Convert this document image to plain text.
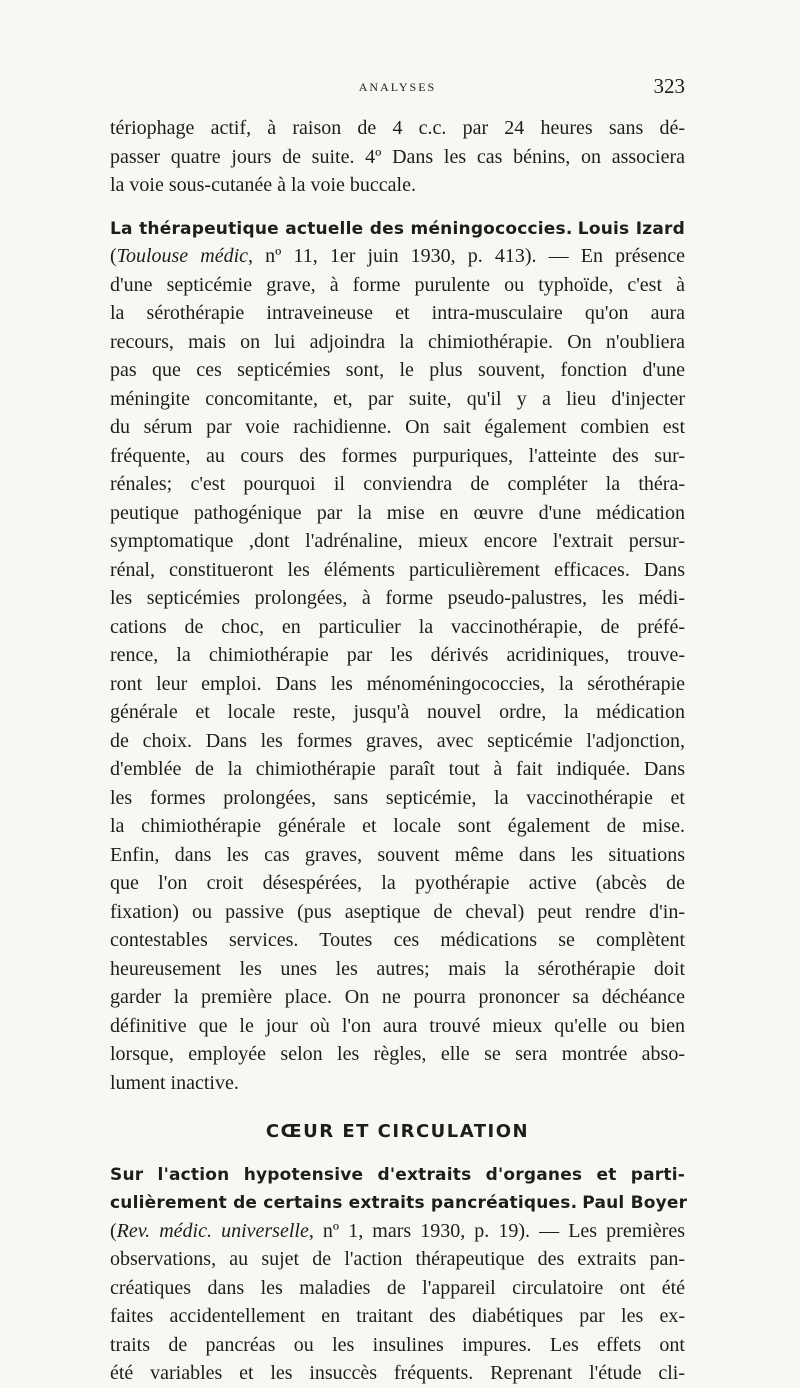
ANALYSES	323
tériophage actif, à raison de 4 c.c. par 24 heures sans dé-
passer quatre jours de suite. 4º Dans les cas bénins, on associera
la voie sous-cutanée à la voie buccale.
La thérapeutique actuelle des méningococcies. Louis Izard
(Toulouse médic, nº 11, 1er juin 1930, p. 413). — En présence
d'une septicémie grave, à forme purulente ou typhoïde, c'est à
la sérothérapie intraveineuse et intra-musculaire qu'on aura
recours, mais on lui adjoindra la chimiothérapie. On n'oubliera
pas que ces septicémies sont, le plus souvent, fonction d'une
méningite concomitante, et, par suite, qu'il y a lieu d'injecter
du sérum par voie rachidienne. On sait également combien est
fréquente, au cours des formes purpuriques, l'atteinte des sur-
rénales; c'est pourquoi il conviendra de compléter la théra-
peutique pathogénique par la mise en œuvre d'une médication
symptomatique ,dont l'adrénaline, mieux encore l'extrait persur-
rénal, constitueront les éléments particulièrement efficaces. Dans
les septicémies prolongées, à forme pseudo-palustres, les médi-
cations de choc, en particulier la vaccinothérapie, de préfé-
rence, la chimiothérapie par les dérivés acridiniques, trouve-
ront leur emploi. Dans les ménoméningococcies, la sérothérapie
générale et locale reste, jusqu'à nouvel ordre, la médication
de choix. Dans les formes graves, avec septicémie l'adjonction,
d'emblée de la chimiothérapie paraît tout à fait indiquée. Dans
les formes prolongées, sans septicémie, la vaccinothérapie et
la chimiothérapie générale et locale sont également de mise.
Enfin, dans les cas graves, souvent même dans les situations
que l'on croit désespérées, la pyothérapie active (abcès de
fixation) ou passive (pus aseptique de cheval) peut rendre d'in-
contestables services. Toutes ces médications se complètent
heureusement les unes les autres; mais la sérothérapie doit
garder la première place. On ne pourra prononcer sa déchéance
définitive que le jour où l'on aura trouvé mieux qu'elle ou bien
lorsque, employée selon les règles, elle se sera montrée abso-
lument inactive.
CŒUR ET CIRCULATION
Sur l'action hypotensive d'extraits d'organes et parti-
culièrement de certains extraits pancréatiques. Paul Boyer
(Rev. médic. universelle, nº 1, mars 1930, p. 19). — Les premières
observations, au sujet de l'action thérapeutique des extraits pan-
créatiques dans les maladies de l'appareil circulatoire ont été
faites accidentellement en traitant des diabétiques par les ex-
traits de pancréas ou les insulines impures. Les effets ont
été variables et les insuccès fréquents. Reprenant l'étude cli-
